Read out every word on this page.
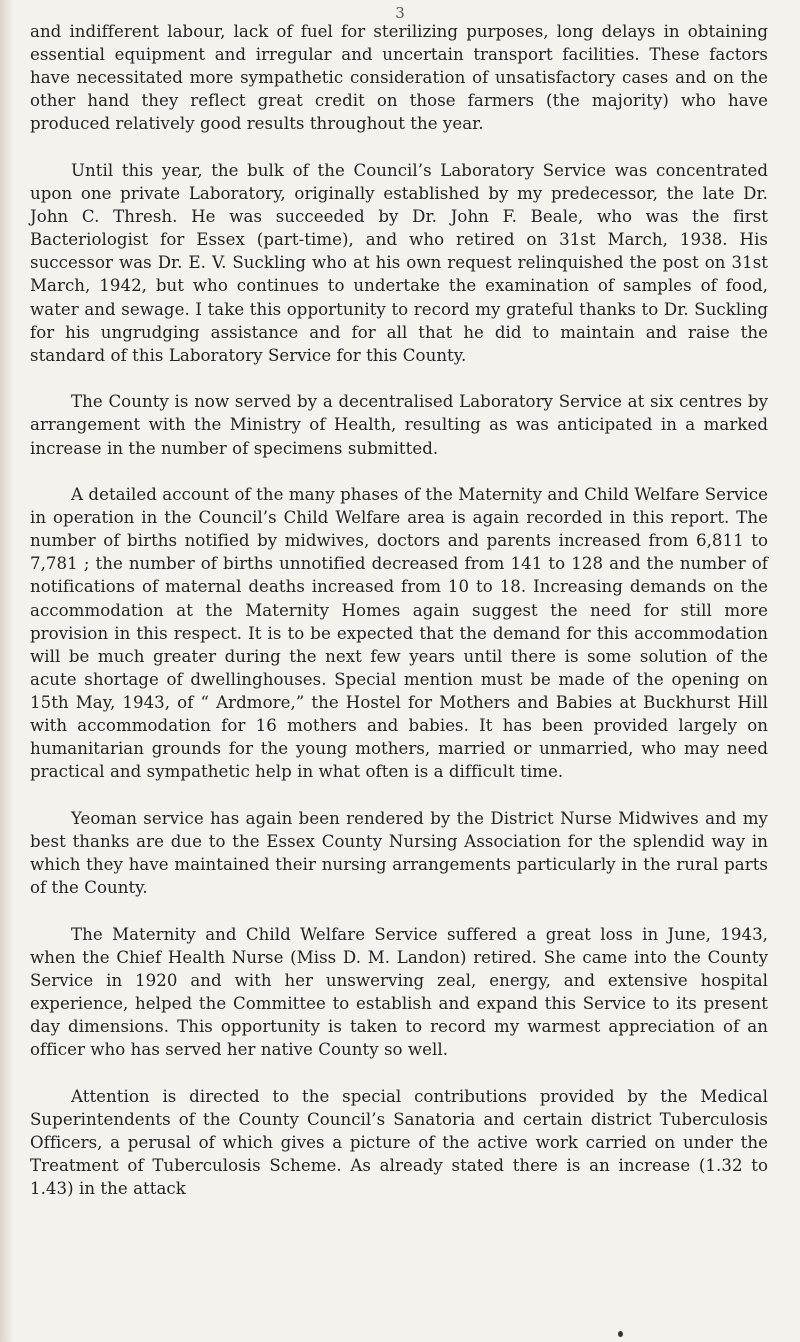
3

and indifferent labour, lack of fuel for sterilizing purposes, long delays in obtaining essential equipment and irregular and uncertain transport facilities. These factors have necessitated more sympathetic consideration of unsatisfactory cases and on the other hand they reflect great credit on those farmers (the majority) who have produced relatively good results throughout the year.

Until this year, the bulk of the Council’s Laboratory Service was concentrated upon one private Laboratory, originally established by my predecessor, the late Dr. John C. Thresh. He was succeeded by Dr. John F. Beale, who was the first Bacteriologist for Essex (part-time), and who retired on 31st March, 1938. His successor was Dr. E. V. Suckling who at his own request relinquished the post on 31st March, 1942, but who continues to undertake the examination of samples of food, water and sewage. I take this opportunity to record my grateful thanks to Dr. Suckling for his ungrudging assistance and for all that he did to maintain and raise the standard of this Laboratory Service for this County.

The County is now served by a decentralised Laboratory Service at six centres by arrangement with the Ministry of Health, resulting as was anticipated in a marked increase in the number of specimens submitted.

A detailed account of the many phases of the Maternity and Child Welfare Service in operation in the Council’s Child Welfare area is again recorded in this report. The number of births notified by midwives, doctors and parents increased from 6,811 to 7,781 ; the number of births unnotified decreased from 141 to 128 and the number of notifications of maternal deaths increased from 10 to 18. Increasing demands on the accommodation at the Maternity Homes again suggest the need for still more provision in this respect. It is to be expected that the demand for this accommodation will be much greater during the next few years until there is some solution of the acute shortage of dwellinghouses. Special mention must be made of the opening on 15th May, 1943, of “ Ardmore,” the Hostel for Mothers and Babies at Buckhurst Hill with accommodation for 16 mothers and babies. It has been provided largely on humanitarian grounds for the young mothers, married or unmarried, who may need practical and sympathetic help in what often is a difficult time.

Yeoman service has again been rendered by the District Nurse Midwives and my best thanks are due to the Essex County Nursing Association for the splendid way in which they have maintained their nursing arrangements particularly in the rural parts of the County.

The Maternity and Child Welfare Service suffered a great loss in June, 1943, when the Chief Health Nurse (Miss D. M. Landon) retired. She came into the County Service in 1920 and with her unswerving zeal, energy, and extensive hospital experience, helped the Committee to establish and expand this Service to its present day dimensions. This opportunity is taken to record my warmest appreciation of an officer who has served her native County so well.

Attention is directed to the special contributions provided by the Medical Superintendents of the County Council’s Sanatoria and certain district Tuberculosis Officers, a perusal of which gives a picture of the active work carried on under the Treatment of Tuberculosis Scheme. As already stated there is an increase (1.32 to 1.43) in the attack
